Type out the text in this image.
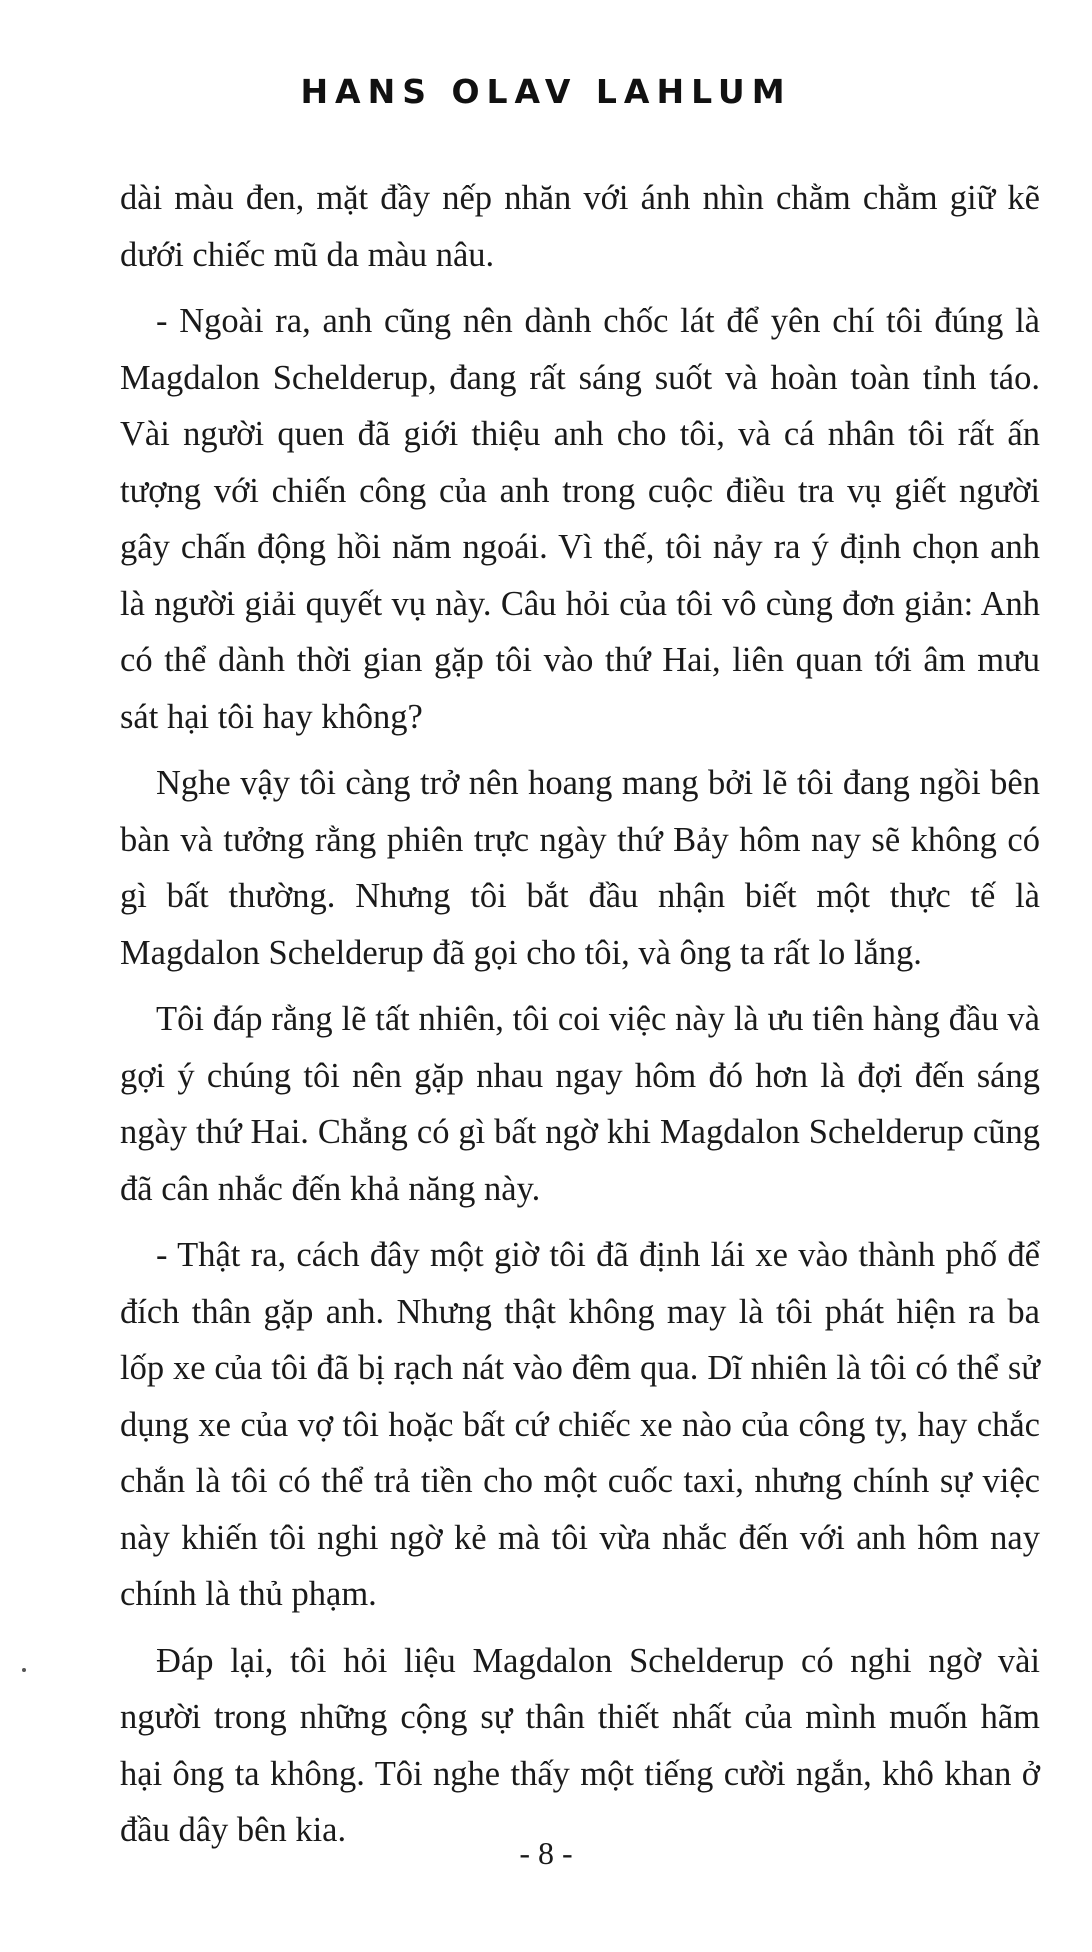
HANS OLAV LAHLUM

dài màu đen, mặt đầy nếp nhăn với ánh nhìn chằm chằm giữ kẽ dưới chiếc mũ da màu nâu.

- Ngoài ra, anh cũng nên dành chốc lát để yên chí tôi đúng là Magdalon Schelderup, đang rất sáng suốt và hoàn toàn tỉnh táo. Vài người quen đã giới thiệu anh cho tôi, và cá nhân tôi rất ấn tượng với chiến công của anh trong cuộc điều tra vụ giết người gây chấn động hồi năm ngoái. Vì thế, tôi nảy ra ý định chọn anh là người giải quyết vụ này. Câu hỏi của tôi vô cùng đơn giản: Anh có thể dành thời gian gặp tôi vào thứ Hai, liên quan tới âm mưu sát hại tôi hay không?

Nghe vậy tôi càng trở nên hoang mang bởi lẽ tôi đang ngồi bên bàn và tưởng rằng phiên trực ngày thứ Bảy hôm nay sẽ không có gì bất thường. Nhưng tôi bắt đầu nhận biết một thực tế là Magdalon Schelderup đã gọi cho tôi, và ông ta rất lo lắng.

Tôi đáp rằng lẽ tất nhiên, tôi coi việc này là ưu tiên hàng đầu và gợi ý chúng tôi nên gặp nhau ngay hôm đó hơn là đợi đến sáng ngày thứ Hai. Chẳng có gì bất ngờ khi Magdalon Schelderup cũng đã cân nhắc đến khả năng này.

- Thật ra, cách đây một giờ tôi đã định lái xe vào thành phố để đích thân gặp anh. Nhưng thật không may là tôi phát hiện ra ba lốp xe của tôi đã bị rạch nát vào đêm qua. Dĩ nhiên là tôi có thể sử dụng xe của vợ tôi hoặc bất cứ chiếc xe nào của công ty, hay chắc chắn là tôi có thể trả tiền cho một cuốc taxi, nhưng chính sự việc này khiến tôi nghi ngờ kẻ mà tôi vừa nhắc đến với anh hôm nay chính là thủ phạm.

Đáp lại, tôi hỏi liệu Magdalon Schelderup có nghi ngờ vài người trong những cộng sự thân thiết nhất của mình muốn hãm hại ông ta không. Tôi nghe thấy một tiếng cười ngắn, khô khan ở đầu dây bên kia.

- 8 -
